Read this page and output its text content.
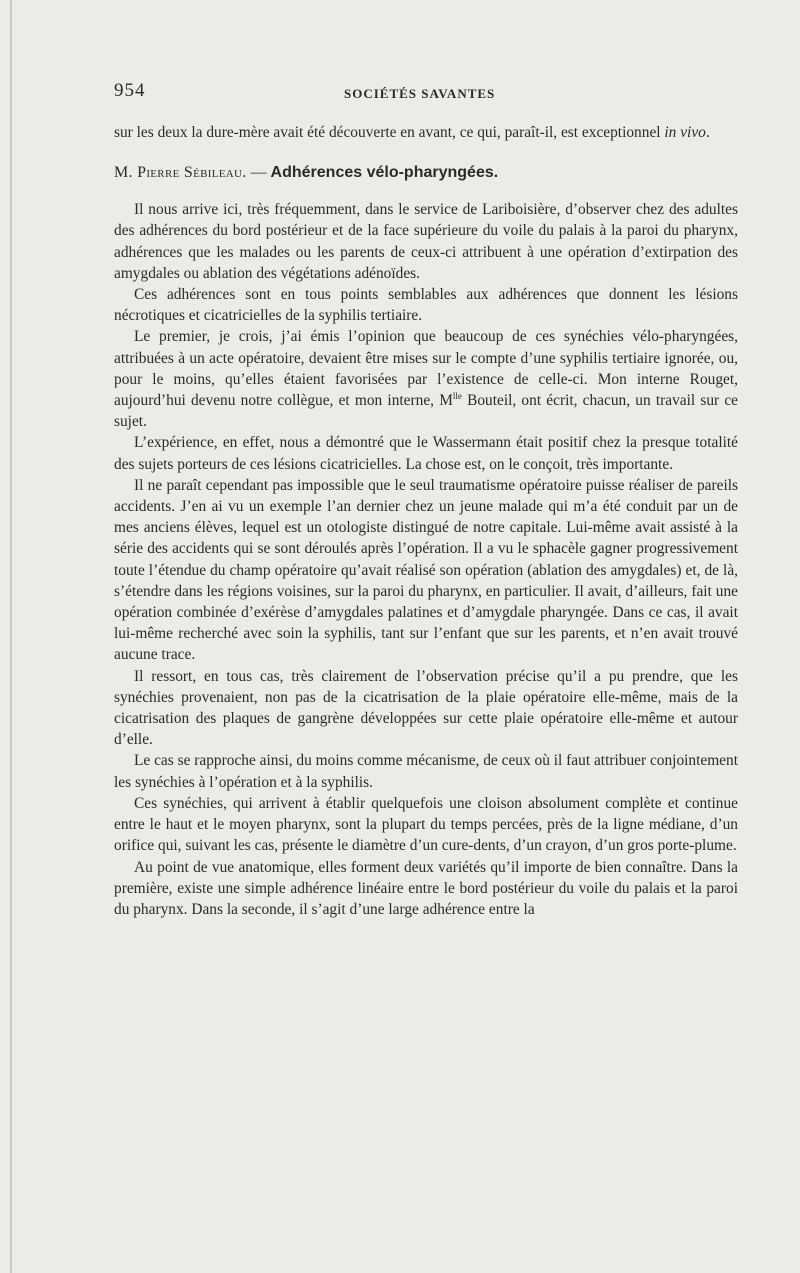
954	SOCIÉTÉS SAVANTES

sur les deux la dure-mère avait été découverte en avant, ce qui, paraît-il, est exceptionnel in vivo.

M. Pierre Sébileau. — Adhérences vélo-pharyngées.

Il nous arrive ici, très fréquemment, dans le service de Lariboisière, d’observer chez des adultes des adhérences du bord postérieur et de la face supérieure du voile du palais à la paroi du pharynx, adhérences que les malades ou les parents de ceux-ci attribuent à une opération d’extirpation des amygdales ou ablation des végétations adénoïdes.

Ces adhérences sont en tous points semblables aux adhérences que donnent les lésions nécrotiques et cicatricielles de la syphilis tertiaire.

Le premier, je crois, j’ai émis l’opinion que beaucoup de ces synéchies vélo-pharyngées, attribuées à un acte opératoire, devaient être mises sur le compte d’une syphilis tertiaire ignorée, ou, pour le moins, qu’elles étaient favorisées par l’existence de celle-ci. Mon interne Rouget, aujourd’hui devenu notre collègue, et mon interne, $M^{lle}$ Bouteil, ont écrit, chacun, un travail sur ce sujet.

L’expérience, en effet, nous a démontré que le Wassermann était positif chez la presque totalité des sujets porteurs de ces lésions cicatricielles. La chose est, on le conçoit, très importante.

Il ne paraît cependant pas impossible que le seul traumatisme opératoire puisse réaliser de pareils accidents. J’en ai vu un exemple l’an dernier chez un jeune malade qui m’a été conduit par un de mes anciens élèves, lequel est un otologiste distingué de notre capitale. Lui-même avait assisté à la série des accidents qui se sont déroulés après l’opération. Il a vu le sphacèle gagner progressivement toute l’étendue du champ opératoire qu’avait réalisé son opération (ablation des amygdales) et, de là, s’étendre dans les régions voisines, sur la paroi du pharynx, en particulier. Il avait, d’ailleurs, fait une opération combinée d’exérèse d’amygdales palatines et d’amygdale pharyngée. Dans ce cas, il avait lui-même recherché avec soin la syphilis, tant sur l’enfant que sur les parents, et n’en avait trouvé aucune trace.

Il ressort, en tous cas, très clairement de l’observation précise qu’il a pu prendre, que les synéchies provenaient, non pas de la cicatrisation de la plaie opératoire elle-même, mais de la cicatrisation des plaques de gangrène développées sur cette plaie opératoire elle-même et autour d’elle.

Le cas se rapproche ainsi, du moins comme mécanisme, de ceux où il faut attribuer conjointement les synéchies à l’opération et à la syphilis.

Ces synéchies, qui arrivent à établir quelquefois une cloison absolument complète et continue entre le haut et le moyen pharynx, sont la plupart du temps percées, près de la ligne médiane, d’un orifice qui, suivant les cas, présente le diamètre d’un cure-dents, d’un crayon, d’un gros porte-plume.

Au point de vue anatomique, elles forment deux variétés qu’il importe de bien connaître. Dans la première, existe une simple adhérence linéaire entre le bord postérieur du voile du palais et la paroi du pharynx. Dans la seconde, il s’agit d’une large adhérence entre la
